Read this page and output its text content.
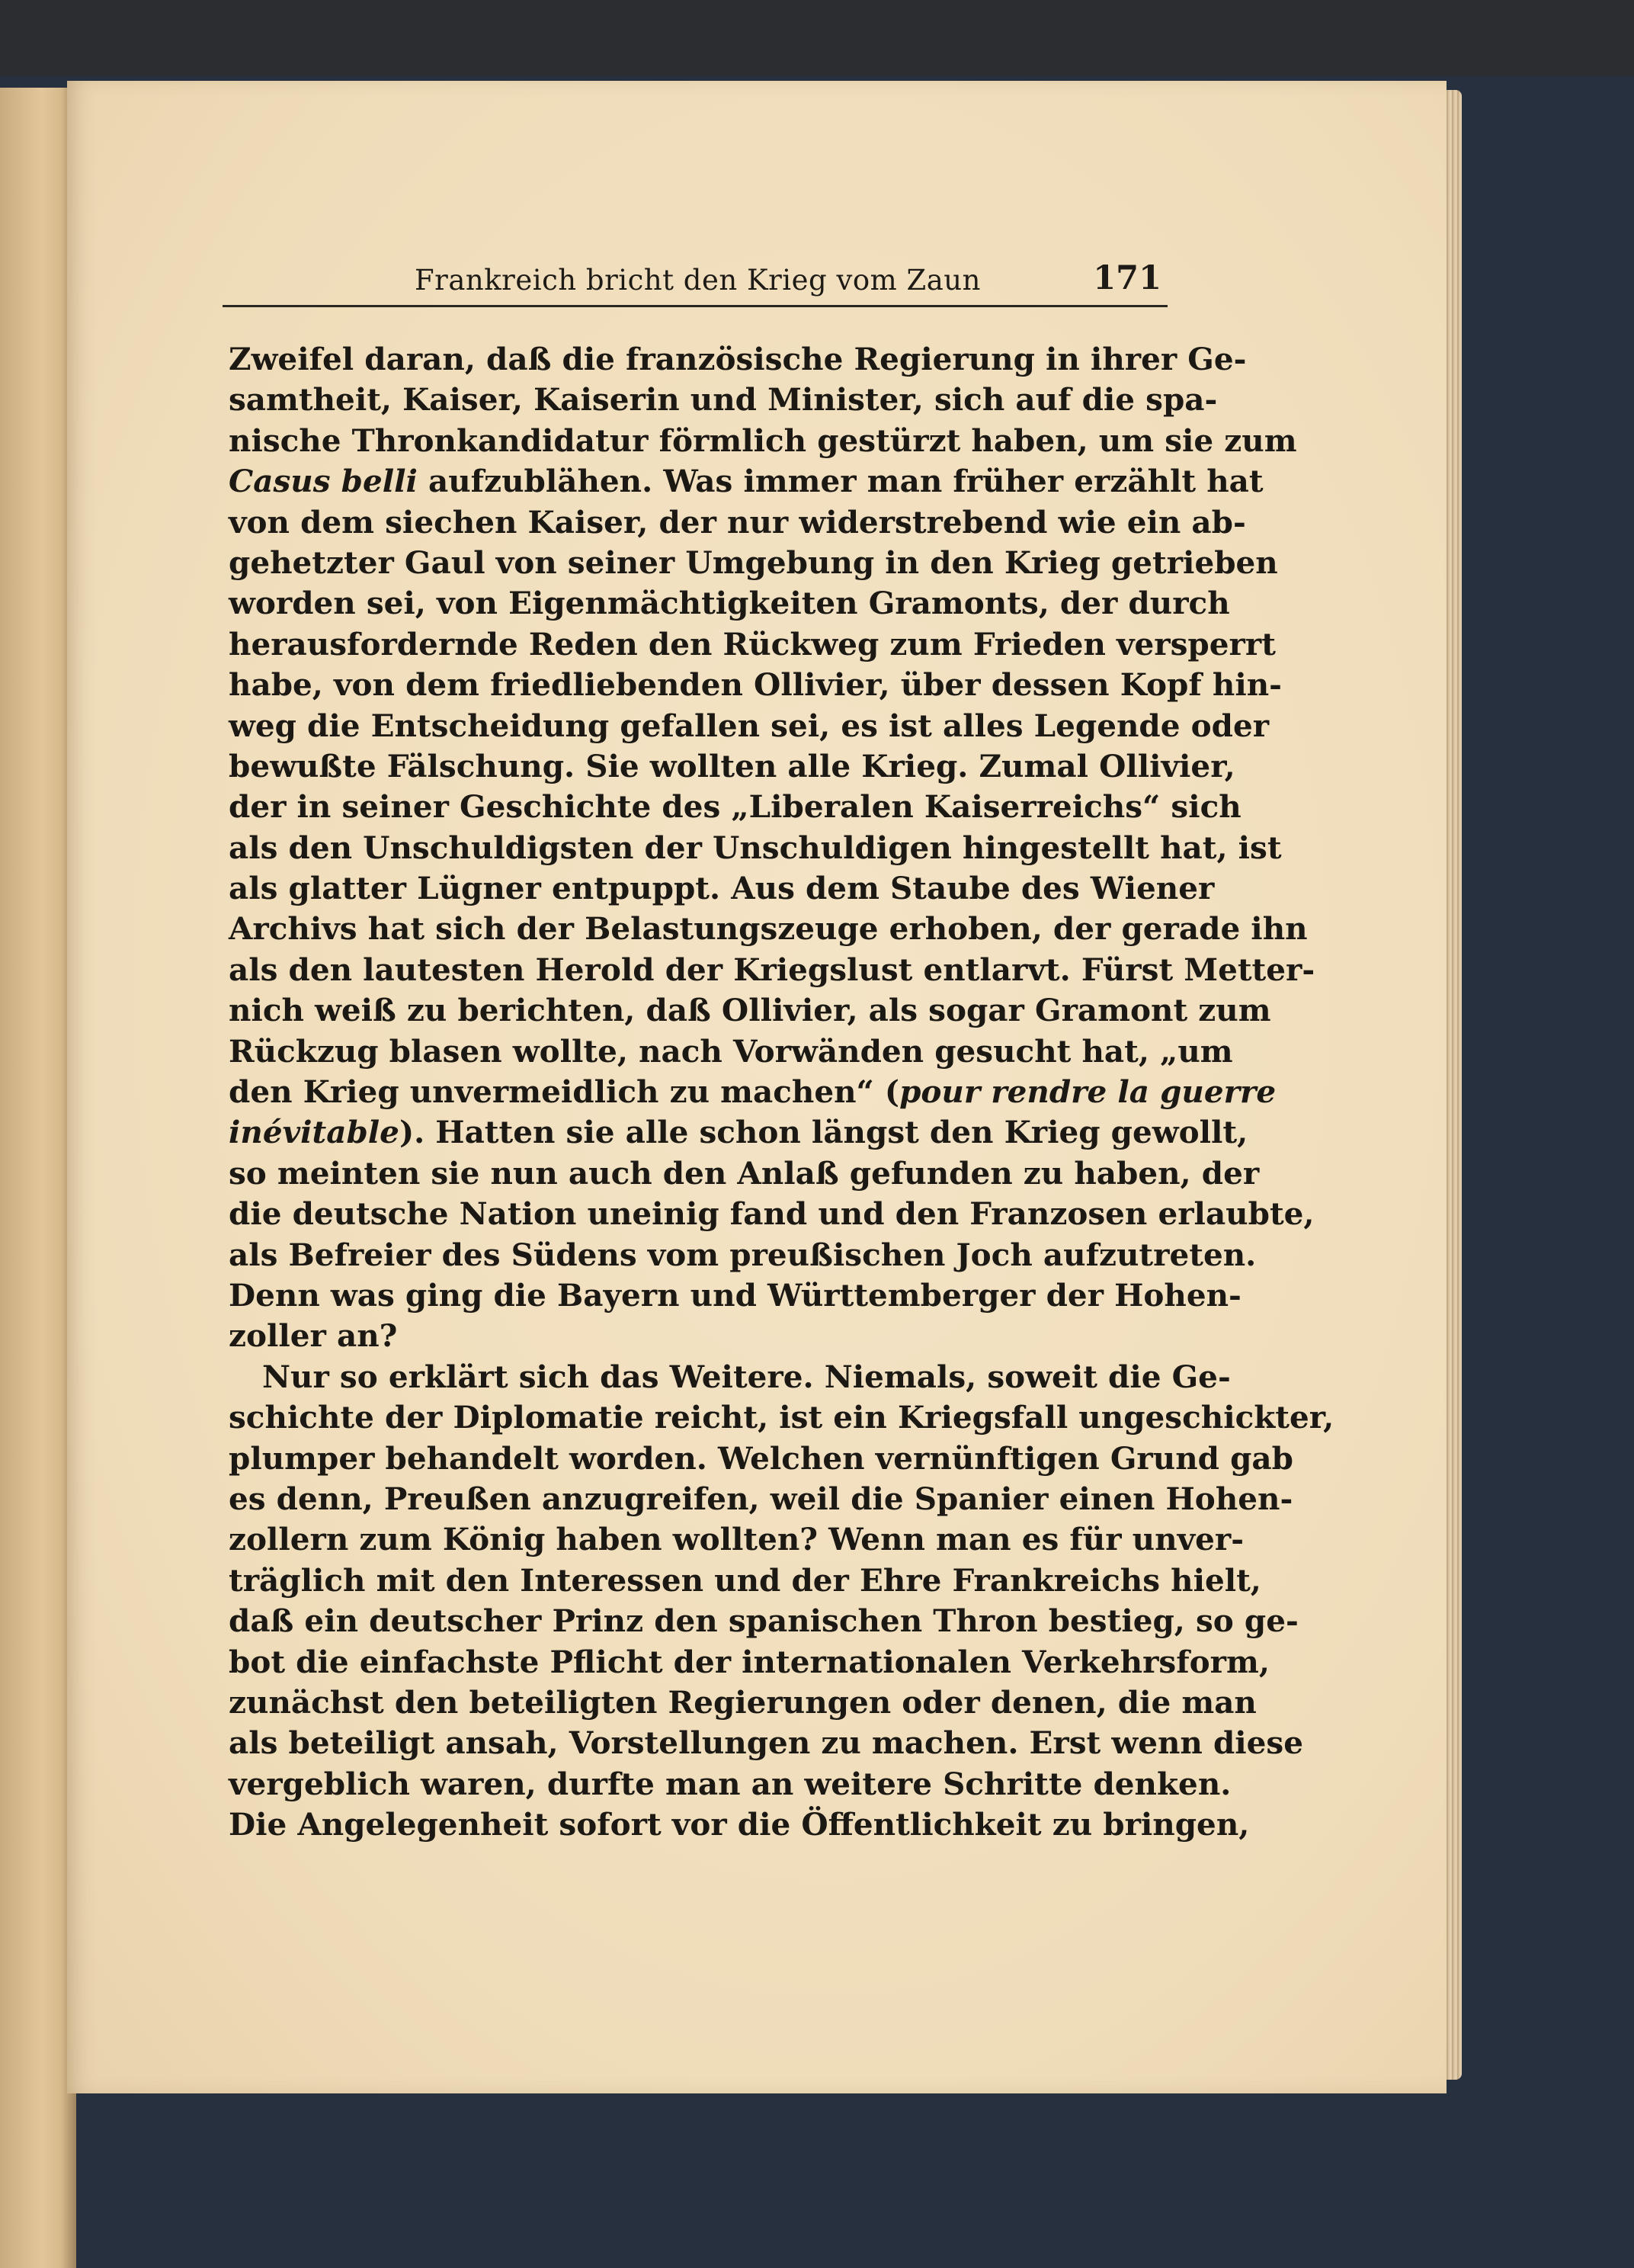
Frankreich bricht den Krieg vom Zaun	171
Zweifel daran, daß die französische Regierung in ihrer Ge-
samtheit, Kaiser, Kaiserin und Minister, sich auf die spa-
nische Thronkandidatur förmlich gestürzt haben, um sie zum
Casus belli aufzublähen. Was immer man früher erzählt hat
von dem siechen Kaiser, der nur widerstrebend wie ein ab-
gehetzter Gaul von seiner Umgebung in den Krieg getrieben
worden sei, von Eigenmächtigkeiten Gramonts, der durch
herausfordernde Reden den Rückweg zum Frieden versperrt
habe, von dem friedliebenden Ollivier, über dessen Kopf hin-
weg die Entscheidung gefallen sei, es ist alles Legende oder
bewußte Fälschung. Sie wollten alle Krieg. Zumal Ollivier,
der in seiner Geschichte des „Liberalen Kaiserreichs“ sich
als den Unschuldigsten der Unschuldigen hingestellt hat, ist
als glatter Lügner entpuppt. Aus dem Staube des Wiener
Archivs hat sich der Belastungszeuge erhoben, der gerade ihn
als den lautesten Herold der Kriegslust entlarvt. Fürst Metter-
nich weiß zu berichten, daß Ollivier, als sogar Gramont zum
Rückzug blasen wollte, nach Vorwänden gesucht hat, „um
den Krieg unvermeidlich zu machen“ (pour rendre la guerre
inévitable). Hatten sie alle schon längst den Krieg gewollt,
so meinten sie nun auch den Anlaß gefunden zu haben, der
die deutsche Nation uneinig fand und den Franzosen erlaubte,
als Befreier des Südens vom preußischen Joch aufzutreten.
Denn was ging die Bayern und Württemberger der Hohen-
zoller an?
Nur so erklärt sich das Weitere. Niemals, soweit die Ge-
schichte der Diplomatie reicht, ist ein Kriegsfall ungeschickter,
plumper behandelt worden. Welchen vernünftigen Grund gab
es denn, Preußen anzugreifen, weil die Spanier einen Hohen-
zollern zum König haben wollten? Wenn man es für unver-
träglich mit den Interessen und der Ehre Frankreichs hielt,
daß ein deutscher Prinz den spanischen Thron bestieg, so ge-
bot die einfachste Pflicht der internationalen Verkehrsform,
zunächst den beteiligten Regierungen oder denen, die man
als beteiligt ansah, Vorstellungen zu machen. Erst wenn diese
vergeblich waren, durfte man an weitere Schritte denken.
Die Angelegenheit sofort vor die Öffentlichkeit zu bringen,
